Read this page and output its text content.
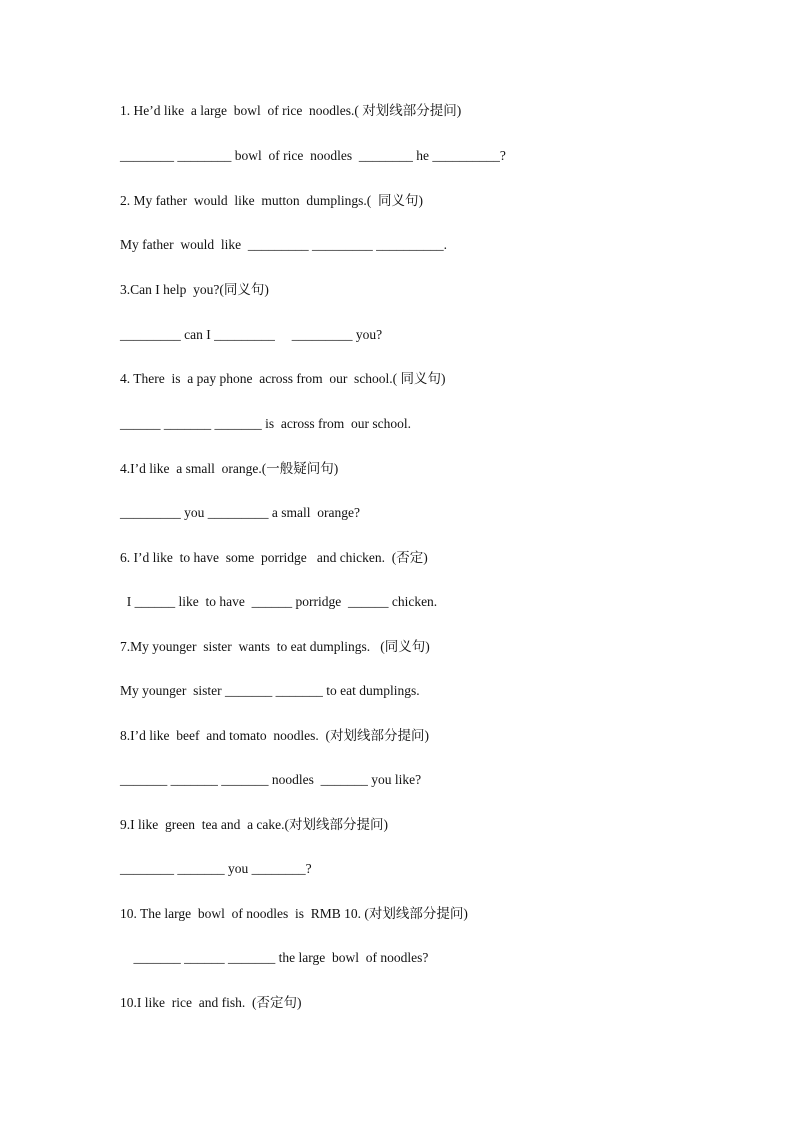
1. He’d like  a large  bowl  of rice  noodles.( 对划线部分提问)
________ ________ bowl  of rice  noodles  ________ he __________?
2. My father  would  like  mutton  dumplings.(  同义句)
My father  would  like  _________ _________ __________.
3.Can I help  you?(同义句)
_________ can I _________     _________ you?
4. There  is  a pay phone  across from  our  school.( 同义句)
______ _______ _______ is  across from  our school.
4.I’d like  a small  orange.(一般疑问句)
_________ you _________ a small  orange?
6. I’d like  to have  some  porridge   and chicken.  (否定)
I ______ like  to have  ______ porridge  ______ chicken.
7.My younger  sister  wants  to eat dumplings.   (同义句)
My younger  sister _______ _______ to eat dumplings.
8.I’d like  beef  and tomato  noodles.  (对划线部分提问)
_______ _______ _______ noodles  _______ you like?
9.I like  green  tea and  a cake.(对划线部分提问)
________ _______ you ________?
10. The large  bowl  of noodles  is  RMB 10. (对划线部分提问)
_______ ______ _______ the large  bowl  of noodles?
10.I like  rice  and fish.  (否定句)
